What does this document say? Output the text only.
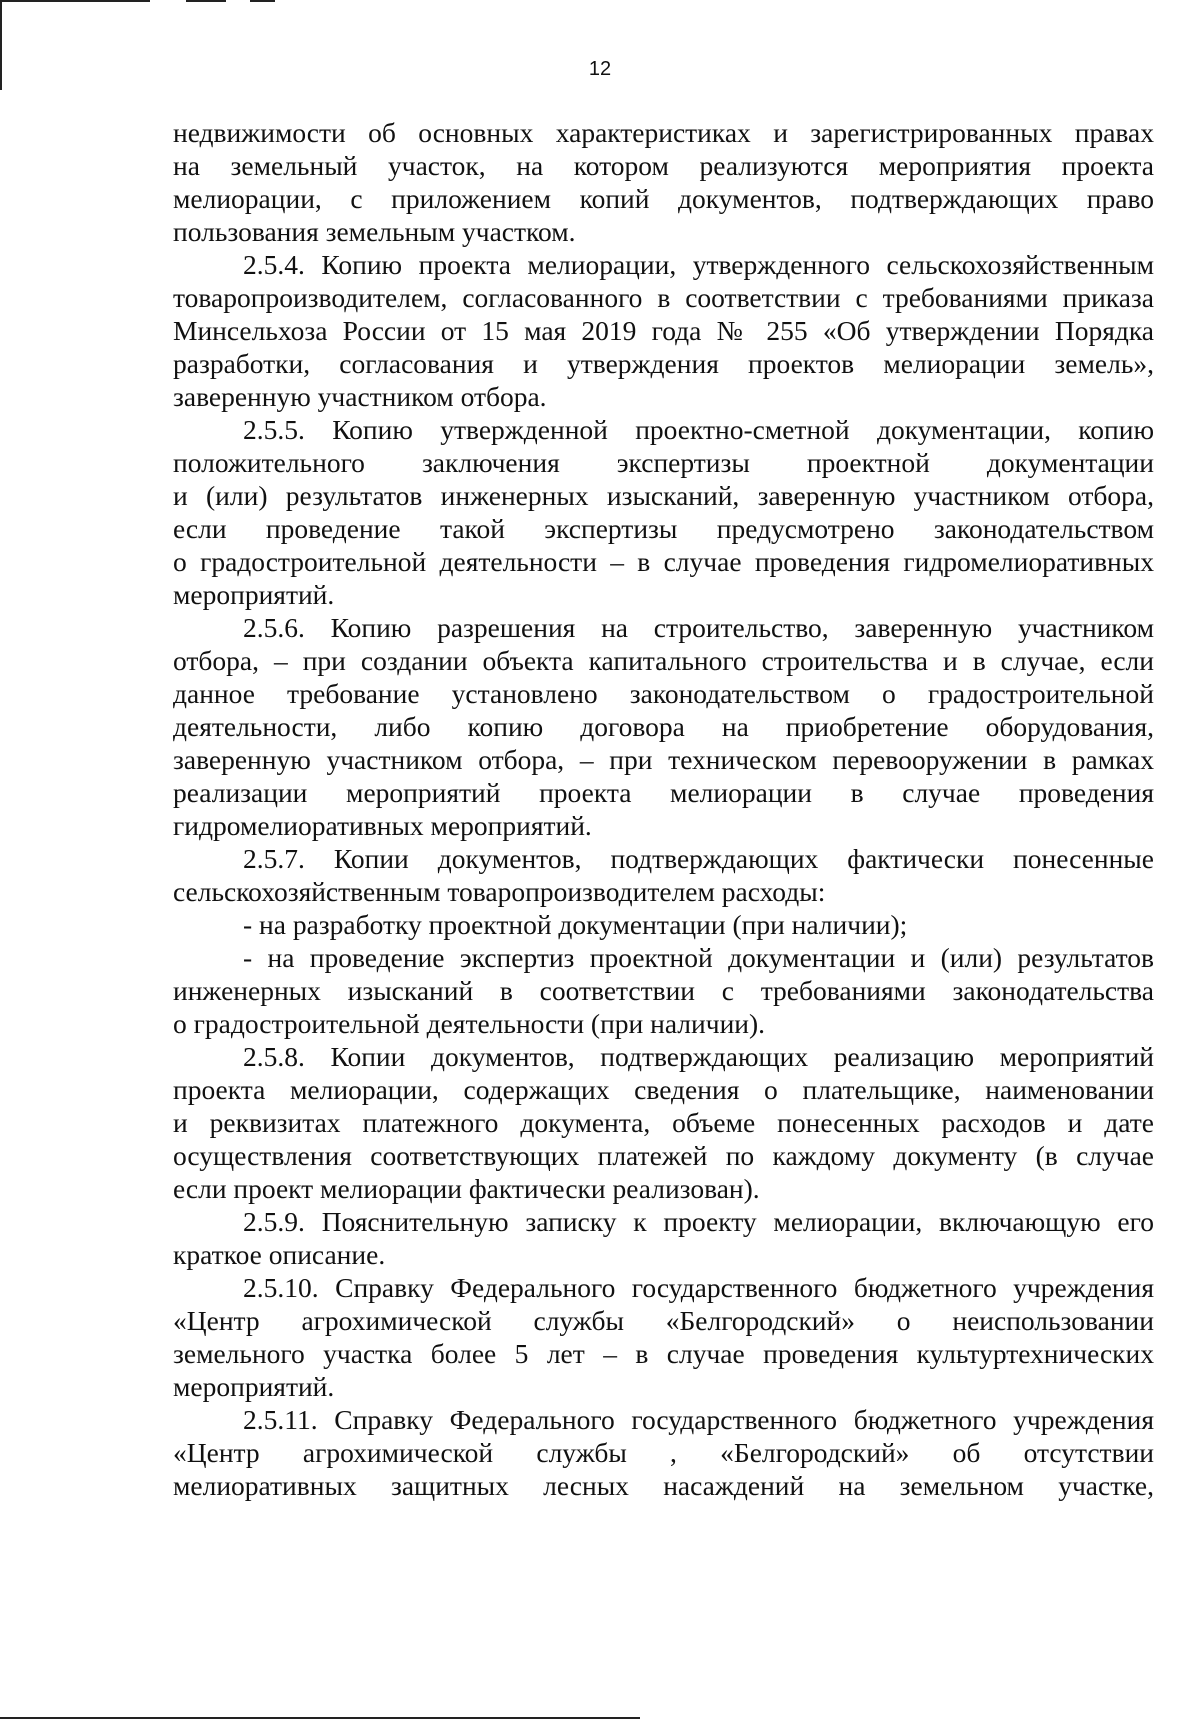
12
недвижимости об основных характеристиках и зарегистрированных правах
на земельный участок, на котором реализуются мероприятия проекта
мелиорации, с приложением копий документов, подтверждающих право
пользования земельным участком.
2.5.4. Копию проекта мелиорации, утвержденного сельскохозяйственным
товаропроизводителем, согласованного в соответствии с требованиями приказа
Минсельхоза России от 15 мая 2019 года № 255 «Об утверждении Порядка
разработки, согласования и утверждения проектов мелиорации земель»,
заверенную участником отбора.
2.5.5. Копию утвержденной проектно-сметной документации, копию
положительного заключения экспертизы проектной документации
и (или) результатов инженерных изысканий, заверенную участником отбора,
если проведение такой экспертизы предусмотрено законодательством
о градостроительной деятельности – в случае проведения гидромелиоративных
мероприятий.
2.5.6. Копию разрешения на строительство, заверенную участником
отбора, – при создании объекта капитального строительства и в случае, если
данное требование установлено законодательством о градостроительной
деятельности, либо копию договора на приобретение оборудования,
заверенную участником отбора, – при техническом перевооружении в рамках
реализации мероприятий проекта мелиорации в случае проведения
гидромелиоративных мероприятий.
2.5.7. Копии документов, подтверждающих фактически понесенные
сельскохозяйственным товаропроизводителем расходы:
- на разработку проектной документации (при наличии);
- на проведение экспертиз проектной документации и (или) результатов
инженерных изысканий в соответствии с требованиями законодательства
о градостроительной деятельности (при наличии).
2.5.8. Копии документов, подтверждающих реализацию мероприятий
проекта мелиорации, содержащих сведения о плательщике, наименовании
и реквизитах платежного документа, объеме понесенных расходов и дате
осуществления соответствующих платежей по каждому документу (в случае
если проект мелиорации фактически реализован).
2.5.9. Пояснительную записку к проекту мелиорации, включающую его
краткое описание.
2.5.10. Справку Федерального государственного бюджетного учреждения
«Центр агрохимической службы «Белгородский» о неиспользовании
земельного участка более 5 лет – в случае проведения культуртехнических
мероприятий.
2.5.11. Справку Федерального государственного бюджетного учреждения
«Центр агрохимической службы , «Белгородский» об отсутствии
мелиоративных защитных лесных насаждений на земельном участке,
